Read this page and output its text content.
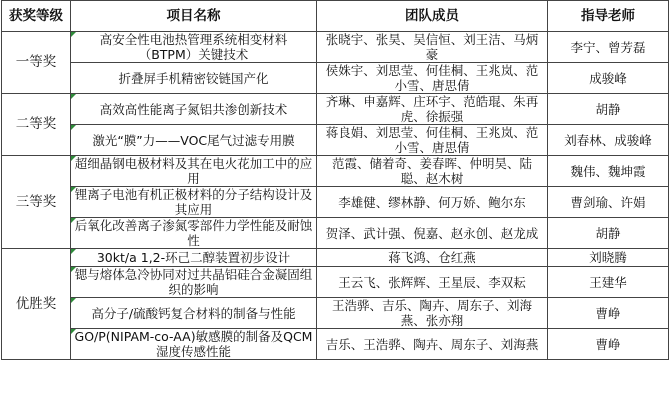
获奖等级	项目名称	团队成员	指导老师
一等奖	高安全性电池热管理系统相变材料（BTPM）关键技术	张晓宇、张昊、吴信恒、刘王洁、马炳豪	李宁、曾芳磊
	折叠屏手机精密铰链国产化	侯姝宇、刘思莹、何佳桐、王兆岚、范小雪、唐思倩	成骏峰
二等奖	高效高性能离子氮铝共渗创新技术	齐琳、申嘉辉、庄环宇、范皓琨、朱再虎、徐振强	胡静
	激光“膜”力——VOC尾气过滤专用膜	蒋良娟、刘思莹、何佳桐、王兆岚、范小雪、唐思倩	刘春林、成骏峰
三等奖	超细晶钢电极材料及其在电火花加工中的应用	范霞、储着奇、姜春晖、仲明昊、陆聪、赵木树	魏伟、魏坤霞
	锂离子电池有机正极材料的分子结构设计及其应用	李雄健、缪林静、何万娇、鲍尔东	曹剑瑜、许娟
	后氧化改善离子渗氮零部件力学性能及耐蚀性	贺泽、武计强、倪嘉、赵永创、赵龙成	胡静
优胜奖	30kt/a 1,2-环己二醇装置初步设计	蒋飞鸿、仓红燕	刘晓腾
	锶与熔体急冷协同对过共晶铝硅合金凝固组织的影响	王云飞、张辉辉、王星辰、李双耘	王建华
	高分子/硫酸钙复合材料的制备与性能	王浩骅、吉乐、陶卉、周东子、刘海燕、张亦翔	曹峥
	GO/P(NIPAM-co-AA)敏感膜的制备及QCM湿度传感性能	吉乐、王浩骅、陶卉、周东子、刘海燕	曹峥
